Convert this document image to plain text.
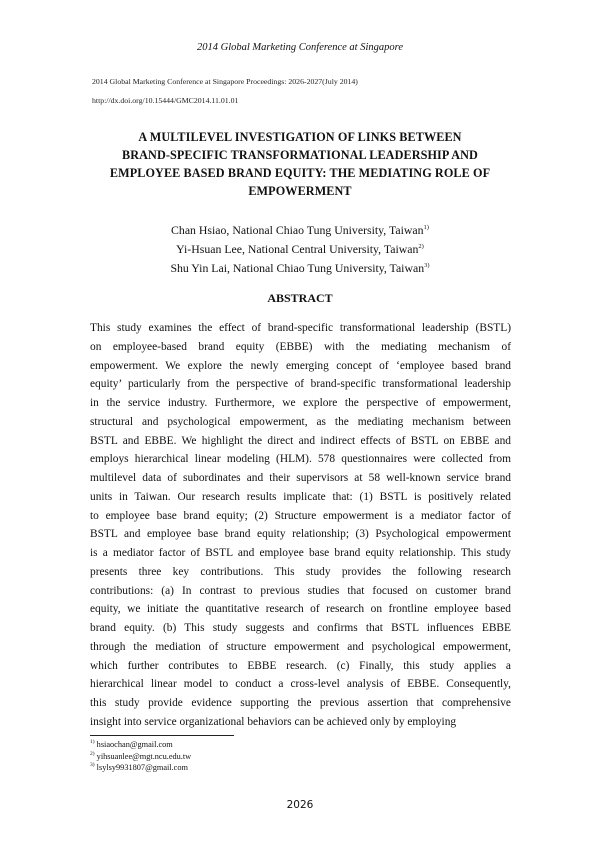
2014 Global Marketing Conference at Singapore
2014 Global Marketing Conference at Singapore Proceedings: 2026-2027(July 2014)
http://dx.doi.org/10.15444/GMC2014.11.01.01
A MULTILEVEL INVESTIGATION OF LINKS BETWEEN
BRAND-SPECIFIC TRANSFORMATIONAL LEADERSHIP AND
EMPLOYEE BASED BRAND EQUITY: THE MEDIATING ROLE OF
EMPOWERMENT
Chan Hsiao, National Chiao Tung University, Taiwan$^{1)}$
Yi-Hsuan Lee, National Central University, Taiwan$^{2)}$
Shu Yin Lai, National Chiao Tung University, Taiwan$^{3)}$
ABSTRACT
This study examines the effect of brand-specific transformational leadership (BSTL)
on employee-based brand equity (EBBE) with the mediating mechanism of
empowerment. We explore the newly emerging concept of ‘employee based brand
equity’ particularly from the perspective of brand-specific transformational leadership
in the service industry. Furthermore, we explore the perspective of empowerment,
structural and psychological empowerment, as the mediating mechanism between
BSTL and EBBE. We highlight the direct and indirect effects of BSTL on EBBE and
employs hierarchical linear modeling (HLM). 578 questionnaires were collected from
multilevel data of subordinates and their supervisors at 58 well-known service brand
units in Taiwan. Our research results implicate that: (1) BSTL is positively related
to employee base brand equity; (2) Structure empowerment is a mediator factor of
BSTL and employee base brand equity relationship; (3) Psychological empowerment
is a mediator factor of BSTL and employee base brand equity relationship. This study
presents three key contributions. This study provides the following research
contributions: (a) In contrast to previous studies that focused on customer brand
equity, we initiate the quantitative research of research on frontline employee based
brand equity. (b) This study suggests and confirms that BSTL influences EBBE
through the mediation of structure empowerment and psychological empowerment,
which further contributes to EBBE research. (c) Finally, this study applies a
hierarchical linear model to conduct a cross-level analysis of EBBE. Consequently,
this study provide evidence supporting the previous assertion that comprehensive
insight into service organizational behaviors can be achieved only by employing
$^{1)}$ hsiaochan@gmail.com
$^{2)}$ yihsuanlee@mgt.ncu.edu.tw
$^{3)}$ lsylsy9931807@gmail.com
2026
